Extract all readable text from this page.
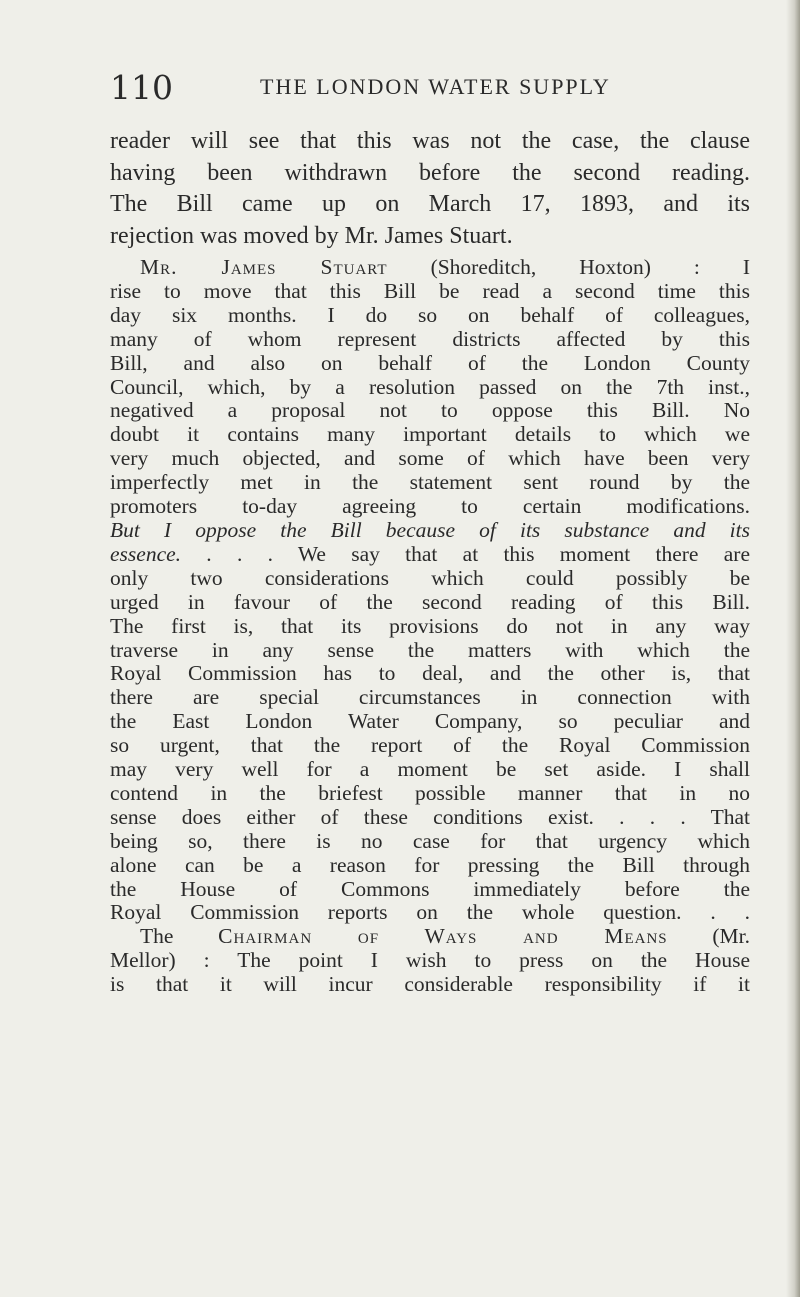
110	THE LONDON WATER SUPPLY
reader will see that this was not the case, the clause
having been withdrawn before the second reading.
The Bill came up on March 17, 1893, and its
rejection was moved by Mr. James Stuart.
Mr. James Stuart (Shoreditch, Hoxton) : I
rise to move that this Bill be read a second time this
day six months. I do so on behalf of colleagues,
many of whom represent districts affected by this
Bill, and also on behalf of the London County
Council, which, by a resolution passed on the 7th inst.,
negatived a proposal not to oppose this Bill. No
doubt it contains many important details to which we
very much objected, and some of which have been very
imperfectly met in the statement sent round by the
promoters to-day agreeing to certain modifications.
But I oppose the Bill because of its substance and its
essence. . . . We say that at this moment there are
only two considerations which could possibly be
urged in favour of the second reading of this Bill.
The first is, that its provisions do not in any way
traverse in any sense the matters with which the
Royal Commission has to deal, and the other is, that
there are special circumstances in connection with
the East London Water Company, so peculiar and
so urgent, that the report of the Royal Commission
may very well for a moment be set aside. I shall
contend in the briefest possible manner that in no
sense does either of these conditions exist. . . . That
being so, there is no case for that urgency which
alone can be a reason for pressing the Bill through
the House of Commons immediately before the
Royal Commission reports on the whole question. . .
The Chairman of Ways and Means (Mr.
Mellor) : The point I wish to press on the House
is that it will incur considerable responsibility if it
